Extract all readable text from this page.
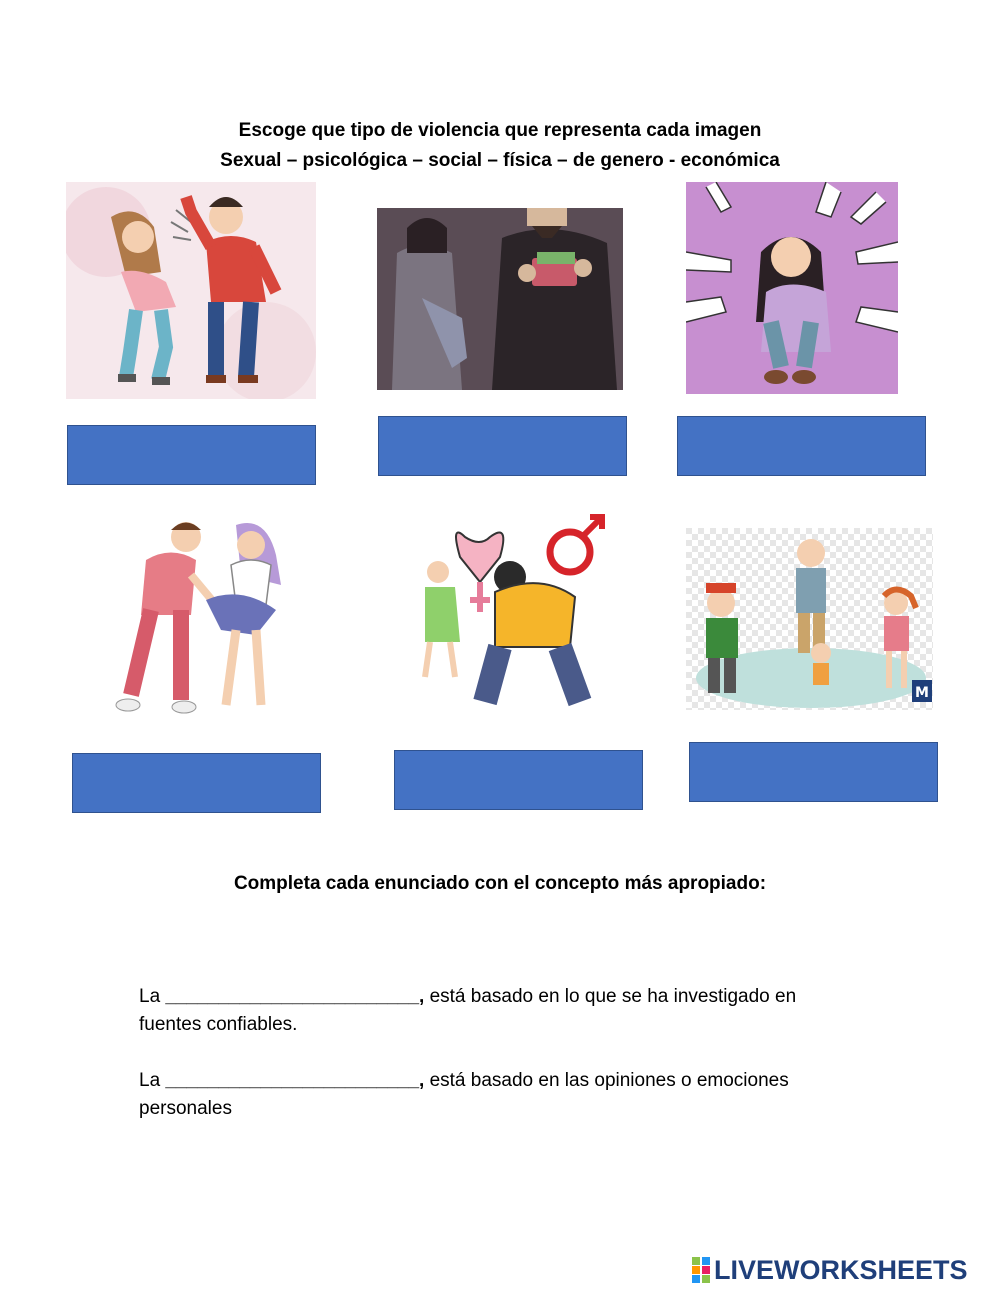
Escoge que tipo de violencia que representa cada imagen
Sexual – psicológica – social – física – de genero - económica
M
Completa cada enunciado con el concepto más apropiado:
La ________________________, está basado en lo que se ha investigado en fuentes confiables.
La ________________________, está basado en las opiniones o emociones personales
LIVEWORKSHEETS
